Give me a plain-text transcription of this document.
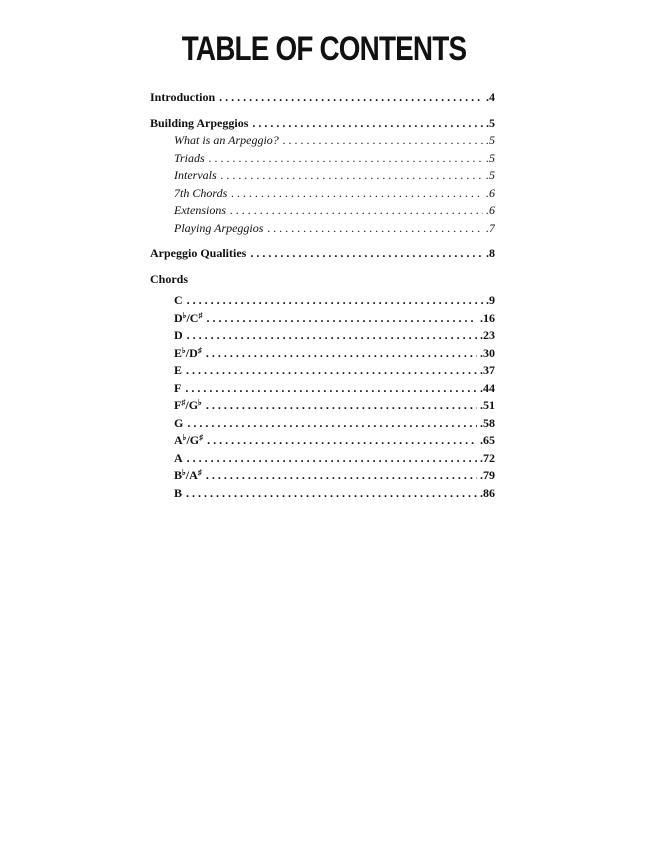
TABLE OF CONTENTS
Introduction . . .	.4
Building Arpeggios . . .	.5
What is an Arpeggio? . . .	.5
Triads . . .	.5
Intervals . . .	.5
7th Chords . . .	.6
Extensions . . .	.6
Playing Arpeggios . . .	.7
Arpeggio Qualities . . .	.8
Chords
C . . .	.9
D♭/C♯ . . .	.16
D . . .	.23
E♭/D♯ . . .	.30
E . . .	.37
F . . .	.44
F♯/G♭ . . .	.51
G . . .	.58
A♭/G♯ . . .	.65
A . . .	.72
B♭/A♯ . . .	.79
B . . .	.86
